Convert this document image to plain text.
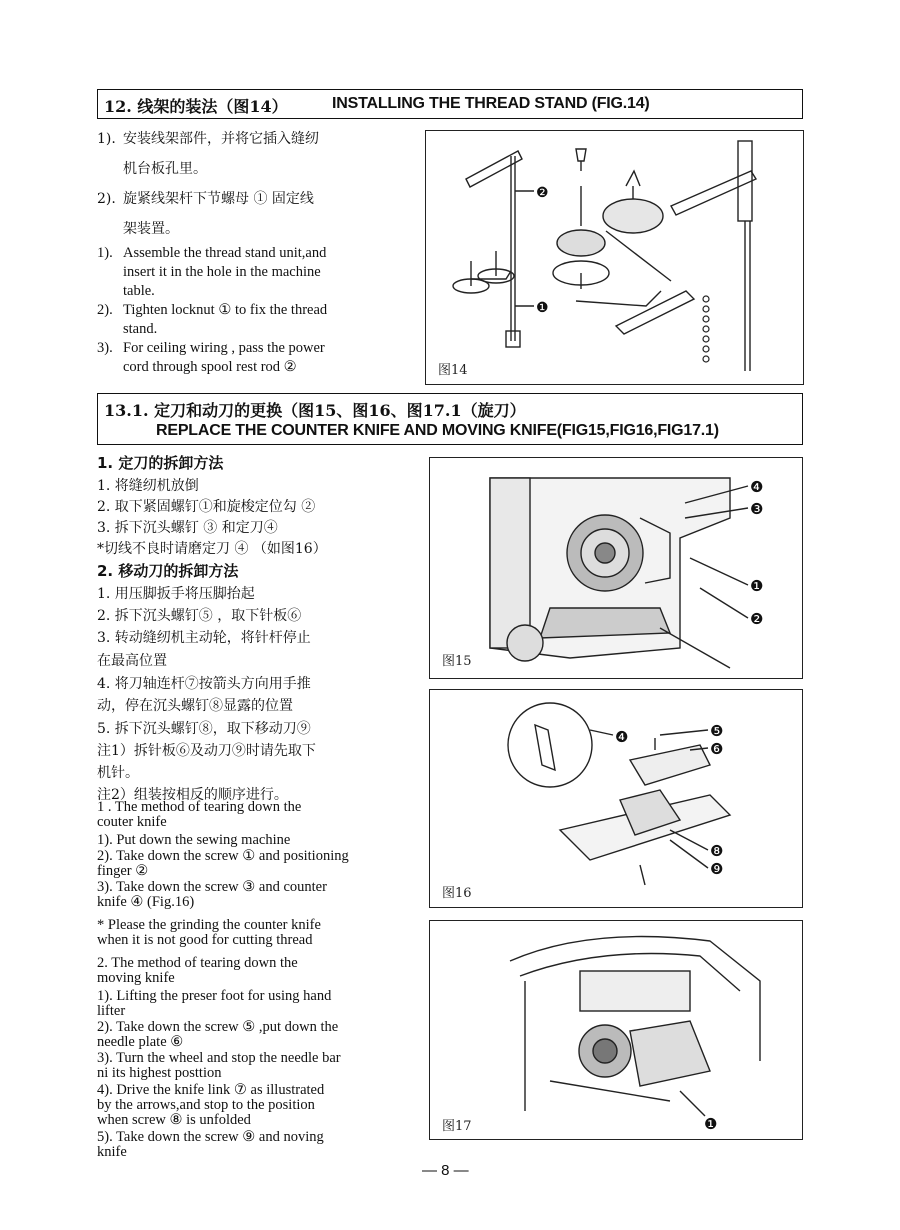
12. 线架的装法（图14）	INSTALLING THE THREAD STAND (FIG.14)
1). 安装线架部件，并将它插入缝纫
机台板孔里。
2). 旋紧线架杆下节螺母 ① 固定线
架装置。
1). Assemble the thread stand unit,and
insert it in the hole in the machine
table.
2). Tighten locknut ① to fix the thread
stand.
3). For ceiling wiring , pass the power
cord through spool rest rod ②
❷
❶
图14
13.1. 定刀和动刀的更换（图15、图16、图17.1（旋刀）
REPLACE THE COUNTER KNIFE AND MOVING KNIFE(FIG15,FIG16,FIG17.1)
1. 定刀的拆卸方法
1. 将缝纫机放倒
2. 取下紧固螺钉①和旋梭定位勾 ②
3. 拆下沉头螺钉 ③ 和定刀④
*切线不良时请磨定刀 ④ （如图16）
2. 移动刀的拆卸方法
1. 用压脚扳手将压脚抬起
2. 拆下沉头螺钉⑤ ，取下针板⑥
3. 转动缝纫机主动轮，将针杆停止
在最高位置
4. 将刀轴连杆⑦按箭头方向用手推
动，停在沉头螺钉⑧显露的位置
5. 拆下沉头螺钉⑧，取下移动刀⑨
注1）拆针板⑥及动刀⑨时请先取下
机针。
注2）组装按相反的顺序进行。
1 . The method of tearing down the
couter knife
1). Put down the sewing machine
2). Take down the screw ① and positioning
finger ②
3). Take down the screw ③ and counter
knife ④ (Fig.16)
* Please the grinding the counter knife
when it is not good for cutting thread
2. The method of tearing down the
moving knife
1). Lifting the preser foot for using hand
lifter
2). Take down the screw ⑤ ,put down the
needle plate ⑥
3). Turn the wheel and stop the needle bar
ni its highest posttion
4). Drive the knife link ⑦ as illustrated
by the arrows,and stop to the position
when screw ⑧ is unfolded
5). Take down the screw ⑨ and noving
knife
❹
❸
❶
❷
图15
❹	❺
❻
❽
❾
图16
❶
图17
— 8 —
